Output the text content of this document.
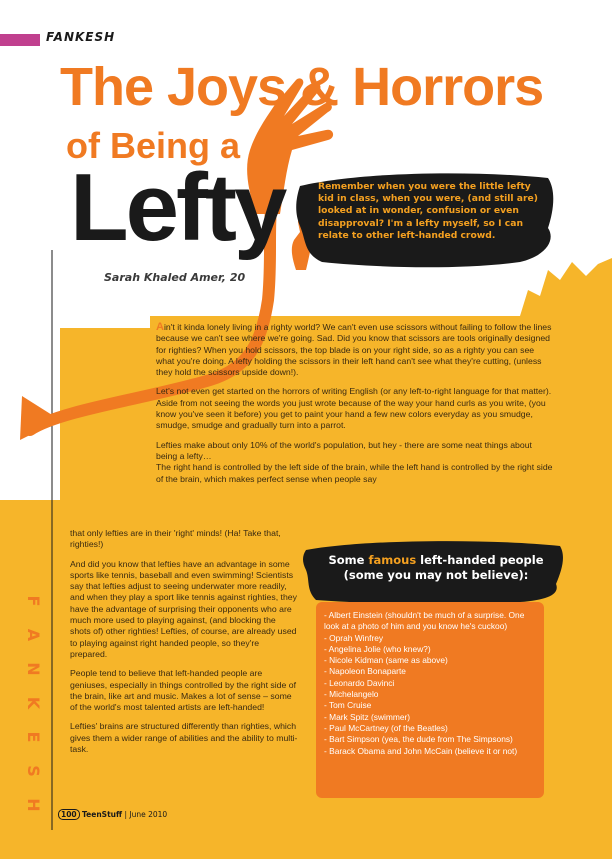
FANKESH
The Joys & Horrors
of Being a
Lefty	Remember when you were the little lefty kid in class, when you were, (and still are) looked at in wonder, confusion or even disapproval? I'm a lefty myself, so I can relate to other left-handed crowd.
Sarah Khaled Amer, 20

Ain't it kinda lonely living in a righty world? We can't even use scissors without failing to follow the lines because we can't see where we're going. Sad. Did you know that scissors are tools originally designed for righties? When you hold scissors, the top blade is on your right side, so as a righty you can see what you're doing. A lefty holding the scissors in their left hand can't see what they're cutting, (unless they hold the scissors upside down!).

Let's not even get started on the horrors of writing English (or any left-to-right language for that matter). Aside from not seeing the words you just wrote because of the way your hand curls as you write, (you know you've seen it before) you get to paint your hand a few new colors everyday as you smudge, smudge, smudge and gradually turn into a parrot.

Lefties make about only 10% of the world's population, but hey - there are some neat things about being a lefty…
The right hand is controlled by the left side of the brain, while the left hand is controlled by the right side of the brain, which makes perfect sense when people say

that only lefties are in their 'right' minds! (Ha! Take that, righties!)

And did you know that lefties have an advantage in some sports like tennis, baseball and even swimming! Scientists say that lefties adjust to seeing underwater more readily, and when they play a sport like tennis against righties, they have the advantage of surprising their opponents who are much more used to playing against, (and blocking the shots of) other righties! Lefties, of course, are already used to playing against right handed people, so they're prepared.

People tend to believe that left-handed people are geniuses, especially in things controlled by the right side of the brain, like art and music. Makes a lot of sense – some of the world's most talented artists are left-handed!

Lefties' brains are structured differently than righties, which gives them a wider range of abilities and the ability to multi-task.

Some famous left-handed people
(some you may not believe):
- Albert Einstein (shouldn't be much of a surprise. One look at a photo of him and you know he's cuckoo)
- Oprah Winfrey
- Angelina Jolie (who knew?)
- Nicole Kidman (same as above)
- Napoleon Bonaparte
- Leonardo Davinci
- Michelangelo
- Tom Cruise
- Mark Spitz (swimmer)
- Paul McCartney (of the Beatles)
- Bart Simpson (yea, the dude from The Simpsons)
- Barack Obama and John McCain (believe it or not)
F
A
N
K
E
S
H
100 TeenStuff | June 2010
